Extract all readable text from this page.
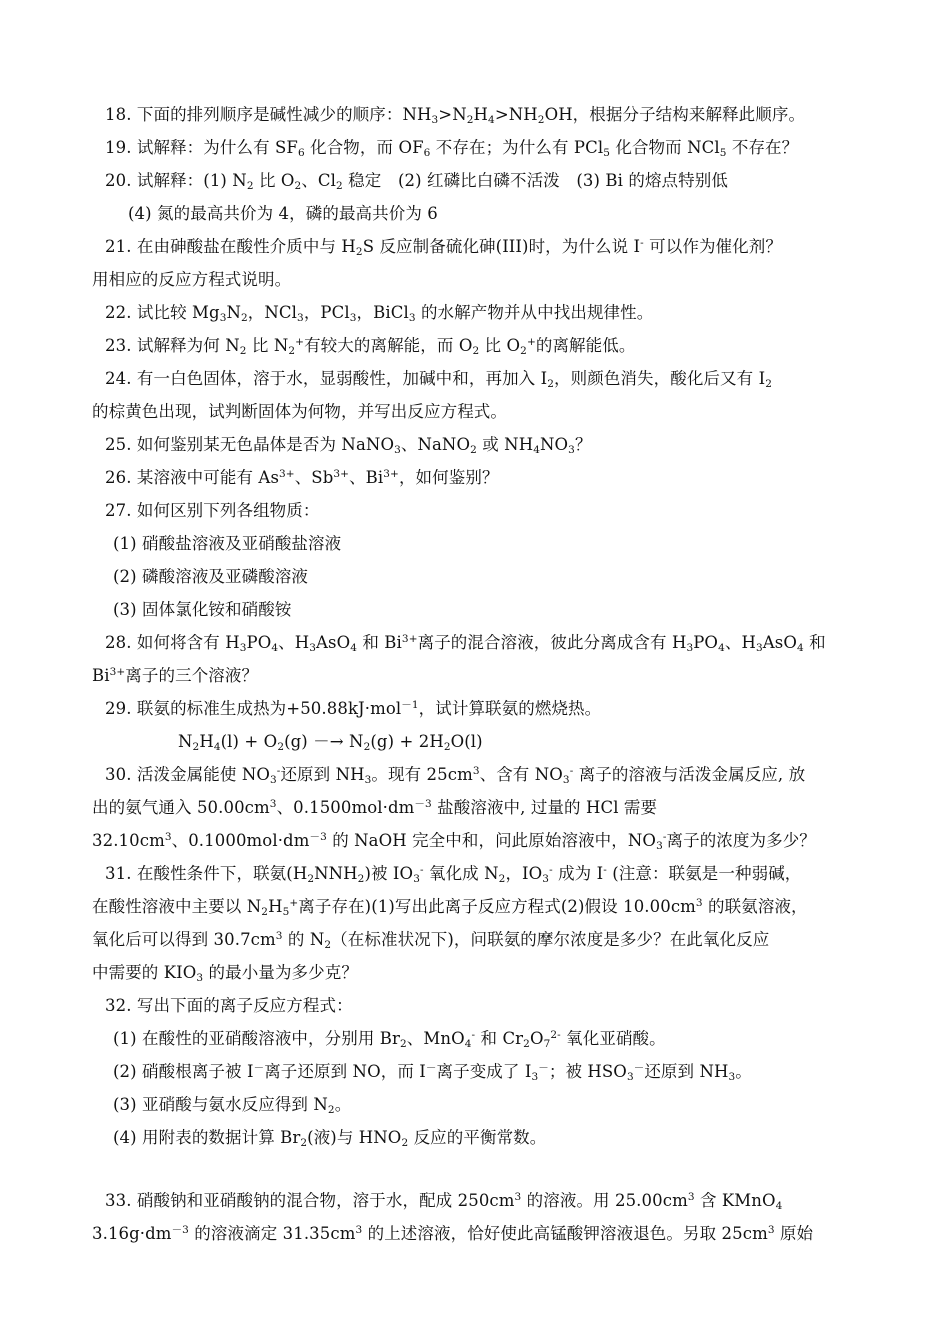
18. 下面的排列顺序是碱性减少的顺序：$NH_3>N_2H_4>NH_2OH$，根据分子结构来解释此顺序。
19. 试解释：为什么有 $SF_6$ 化合物，而 $OF_6$ 不存在；为什么有 PCl$_5$ 化合物而 NCl$_5$ 不存在？
20. 试解释：(1) $N_2$ 比 $O_2$、$Cl_2$ 稳定　(2) 红磷比白磷不活泼　(3) Bi 的熔点特别低
(4) 氮的最高共价为 4，磷的最高共价为 6
21. 在由砷酸盐在酸性介质中与 $H_2S$ 反应制备硫化砷(III)时，为什么说 I- 可以作为催化剂？
用相应的反应方程式说明。
22. 试比较 $Mg_3N_2$，NCl$_3$，PCl$_3$，BiCl$_3$ 的水解产物并从中找出规律性。
23. 试解释为何 $N_2$ 比 $N_2^+$有较大的离解能，而 $O_2$ 比 $O_2^+$的离解能低。
24. 有一白色固体，溶于水，显弱酸性，加碱中和，再加入 $I_2$，则颜色消失，酸化后又有 $I_2$
的棕黄色出现，试判断固体为何物，并写出反应方程式。
25. 如何鉴别某无色晶体是否为 NaNO$_3$、NaNO$_2$ 或 $NH_4NO_3$？
26. 某溶液中可能有 $As^{3+}$、$Sb^{3+}$、$Bi^{3+}$，如何鉴别？
27. 如何区别下列各组物质：
(1) 硝酸盐溶液及亚硝酸盐溶液
(2) 磷酸溶液及亚磷酸溶液
(3) 固体氯化铵和硝酸铵
28. 如何将含有 $H_3PO_4$、$H_3AsO_4$ 和 $Bi^{3+}$离子的混合溶液，彼此分离成含有 $H_3PO_4$、$H_3AsO_4$ 和
$Bi^{3+}$离子的三个溶液？
29. 联氨的标准生成热为+50.88kJ·mol$^{-1}$，试计算联氨的燃烧热。
$N_2H_4(l) + O_2(g) -\to N_2(g) + 2H_2O(l)$
30. 活泼金属能使 $NO_3^-$还原到 $NH_3$。现有 $25cm^3$、含有 $NO_3^-$ 离子的溶液与活泼金属反应, 放
出的氨气通入 $50.00cm^3$、$0.1500mol\cdot dm^{-3}$ 盐酸溶液中, 过量的 HCl 需要
$32.10cm^3$、$0.1000mol\cdot dm^{-3}$ 的 NaOH 完全中和，问此原始溶液中，$NO_3^-$离子的浓度为多少？
31. 在酸性条件下，联氨$(H_2NNH_2)$被 $IO_3^-$ 氧化成 $N_2$，$IO_3^-$ 成为 I- (注意：联氨是一种弱碱，
在酸性溶液中主要以 $N_2H_5^+$离子存在)(1)写出此离子反应方程式(2)假设 $10.00cm^3$ 的联氨溶液，
氧化后可以得到 $30.7cm^3$ 的 $N_2$（在标准状况下)，问联氨的摩尔浓度是多少？在此氧化反应
中需要的 $KIO_3$ 的最小量为多少克？
32. 写出下面的离子反应方程式：
(1) 在酸性的亚硝酸溶液中，分别用 $Br_2$、MnO$_4$- 和 $Cr_2O_7^{2-}$ 氧化亚硝酸。
(2) 硝酸根离子被 I－离子还原到 NO，而 I－离子变成了 $I_3^-$；被 $HSO_3^-$还原到 $NH_3$。
(3) 亚硝酸与氨水反应得到 $N_2$。
(4) 用附表的数据计算 $Br_2$(液)与 $HNO_2$ 反应的平衡常数。
33. 硝酸钠和亚硝酸钠的混合物，溶于水，配成 $250cm^3$ 的溶液。用 $25.00cm^3$ 含 KMnO$_4$
$3.16g\cdot dm^{-3}$ 的溶液滴定 $31.35cm^3$ 的上述溶液，恰好使此高锰酸钾溶液退色。另取 $25cm^3$ 原始
